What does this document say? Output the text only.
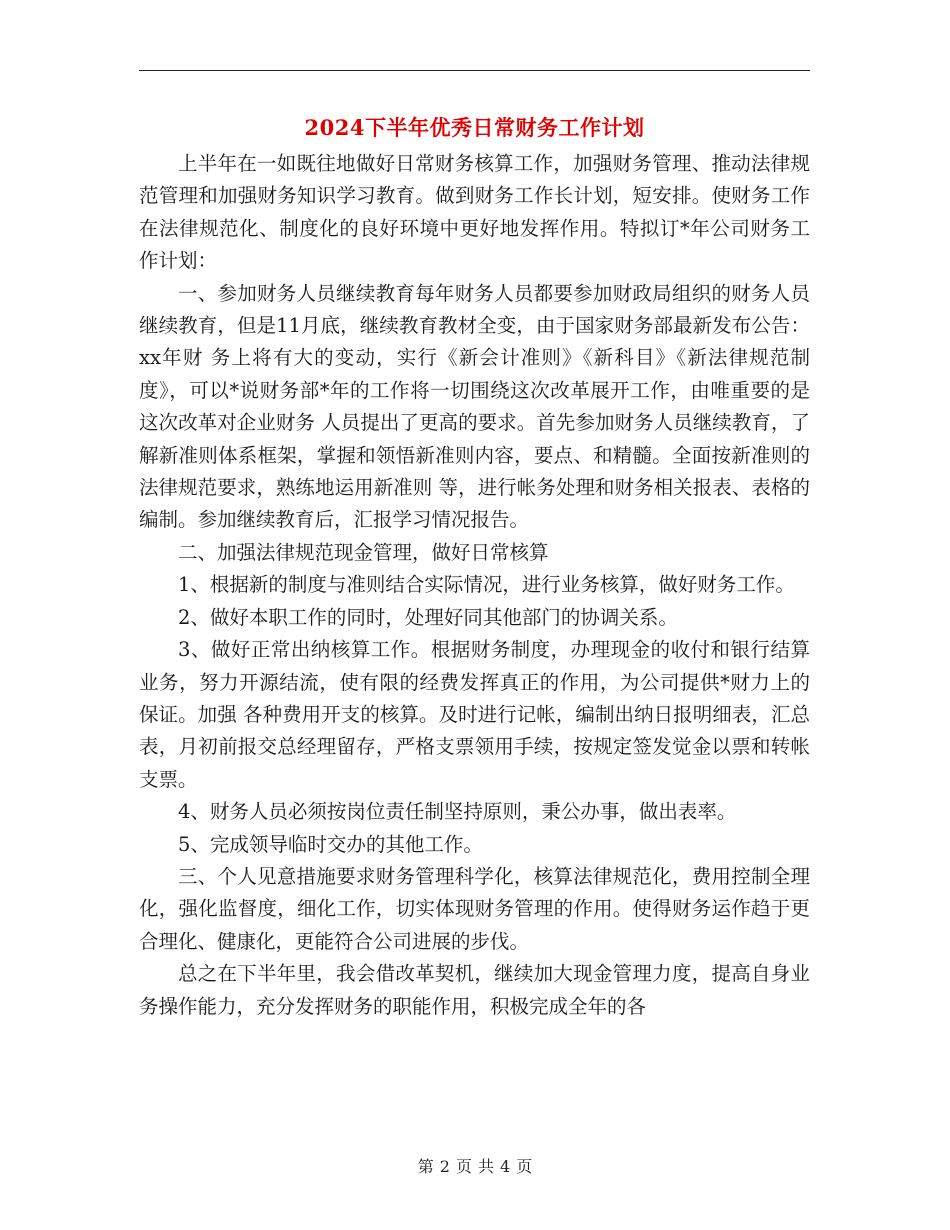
2024下半年优秀日常财务工作计划

上半年在一如既往地做好日常财务核算工作，加强财务管理、推动法律规范管理和加强财务知识学习教育。做到财务工作长计划，短安排。使财务工作在法律规范化、制度化的良好环境中更好地发挥作用。特拟订*年公司财务工作计划：

一、参加财务人员继续教育每年财务人员都要参加财政局组织的财务人员继续教育，但是11月底，继续教育教材全变，由于国家财务部最新发布公告：xx年财 务上将有大的变动，实行《新会计准则》《新科目》《新法律规范制度》，可以*说财务部*年的工作将一切围绕这次改革展开工作，由唯重要的是这次改革对企业财务 人员提出了更高的要求。首先参加财务人员继续教育，了解新准则体系框架，掌握和领悟新准则内容，要点、和精髓。全面按新准则的法律规范要求，熟练地运用新准则 等，进行帐务处理和财务相关报表、表格的编制。参加继续教育后，汇报学习情况报告。

二、加强法律规范现金管理，做好日常核算

1、根据新的制度与准则结合实际情况，进行业务核算，做好财务工作。

2、做好本职工作的同时，处理好同其他部门的协调关系。

3、做好正常出纳核算工作。根据财务制度，办理现金的收付和银行结算业务，努力开源结流，使有限的经费发挥真正的作用，为公司提供*财力上的保证。加强 各种费用开支的核算。及时进行记帐，编制出纳日报明细表，汇总表，月初前报交总经理留存，严格支票领用手续，按规定签发觉金以票和转帐支票。

4、财务人员必须按岗位责任制坚持原则，秉公办事，做出表率。

5、完成领导临时交办的其他工作。

三、个人见意措施要求财务管理科学化，核算法律规范化，费用控制全理化，强化监督度，细化工作，切实体现财务管理的作用。使得财务运作趋于更合理化、健康化，更能符合公司进展的步伐。

总之在下半年里，我会借改革契机，继续加大现金管理力度，提高自身业务操作能力，充分发挥财务的职能作用，积极完成全年的各

第 2 页 共 4 页
